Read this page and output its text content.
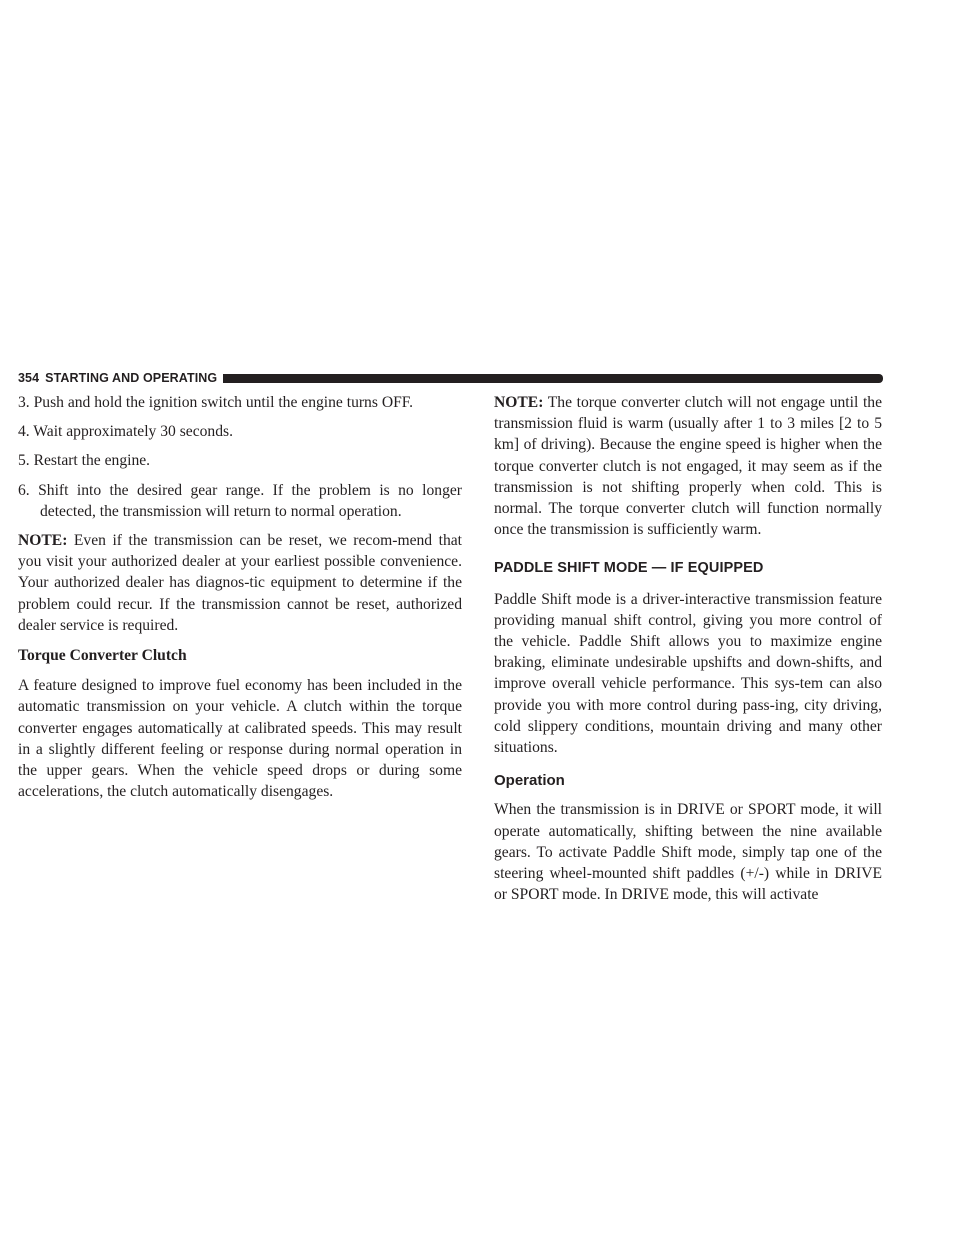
354 STARTING AND OPERATING

3. Push and hold the ignition switch until the engine turns OFF.

4. Wait approximately 30 seconds.

5. Restart the engine.

6. Shift into the desired gear range. If the problem is no longer detected, the transmission will return to normal operation.

NOTE: Even if the transmission can be reset, we recom-mend that you visit your authorized dealer at your earliest possible convenience. Your authorized dealer has diagnos-tic equipment to determine if the problem could recur. If the transmission cannot be reset, authorized dealer service is required.

Torque Converter Clutch

A feature designed to improve fuel economy has been included in the automatic transmission on your vehicle. A clutch within the torque converter engages automatically at calibrated speeds. This may result in a slightly different feeling or response during normal operation in the upper gears. When the vehicle speed drops or during some accelerations, the clutch automatically disengages.

NOTE: The torque converter clutch will not engage until the transmission fluid is warm (usually after 1 to 3 miles [2 to 5 km] of driving). Because the engine speed is higher when the torque converter clutch is not engaged, it may seem as if the transmission is not shifting properly when cold. This is normal. The torque converter clutch will function normally once the transmission is sufficiently warm.

PADDLE SHIFT MODE — IF EQUIPPED

Paddle Shift mode is a driver-interactive transmission feature providing manual shift control, giving you more control of the vehicle. Paddle Shift allows you to maximize engine braking, eliminate undesirable upshifts and down-shifts, and improve overall vehicle performance. This sys-tem can also provide you with more control during pass-ing, city driving, cold slippery conditions, mountain driving and many other situations.

Operation

When the transmission is in DRIVE or SPORT mode, it will operate automatically, shifting between the nine available gears. To activate Paddle Shift mode, simply tap one of the steering wheel-mounted shift paddles (+/-) while in DRIVE or SPORT mode. In DRIVE mode, this will activate
